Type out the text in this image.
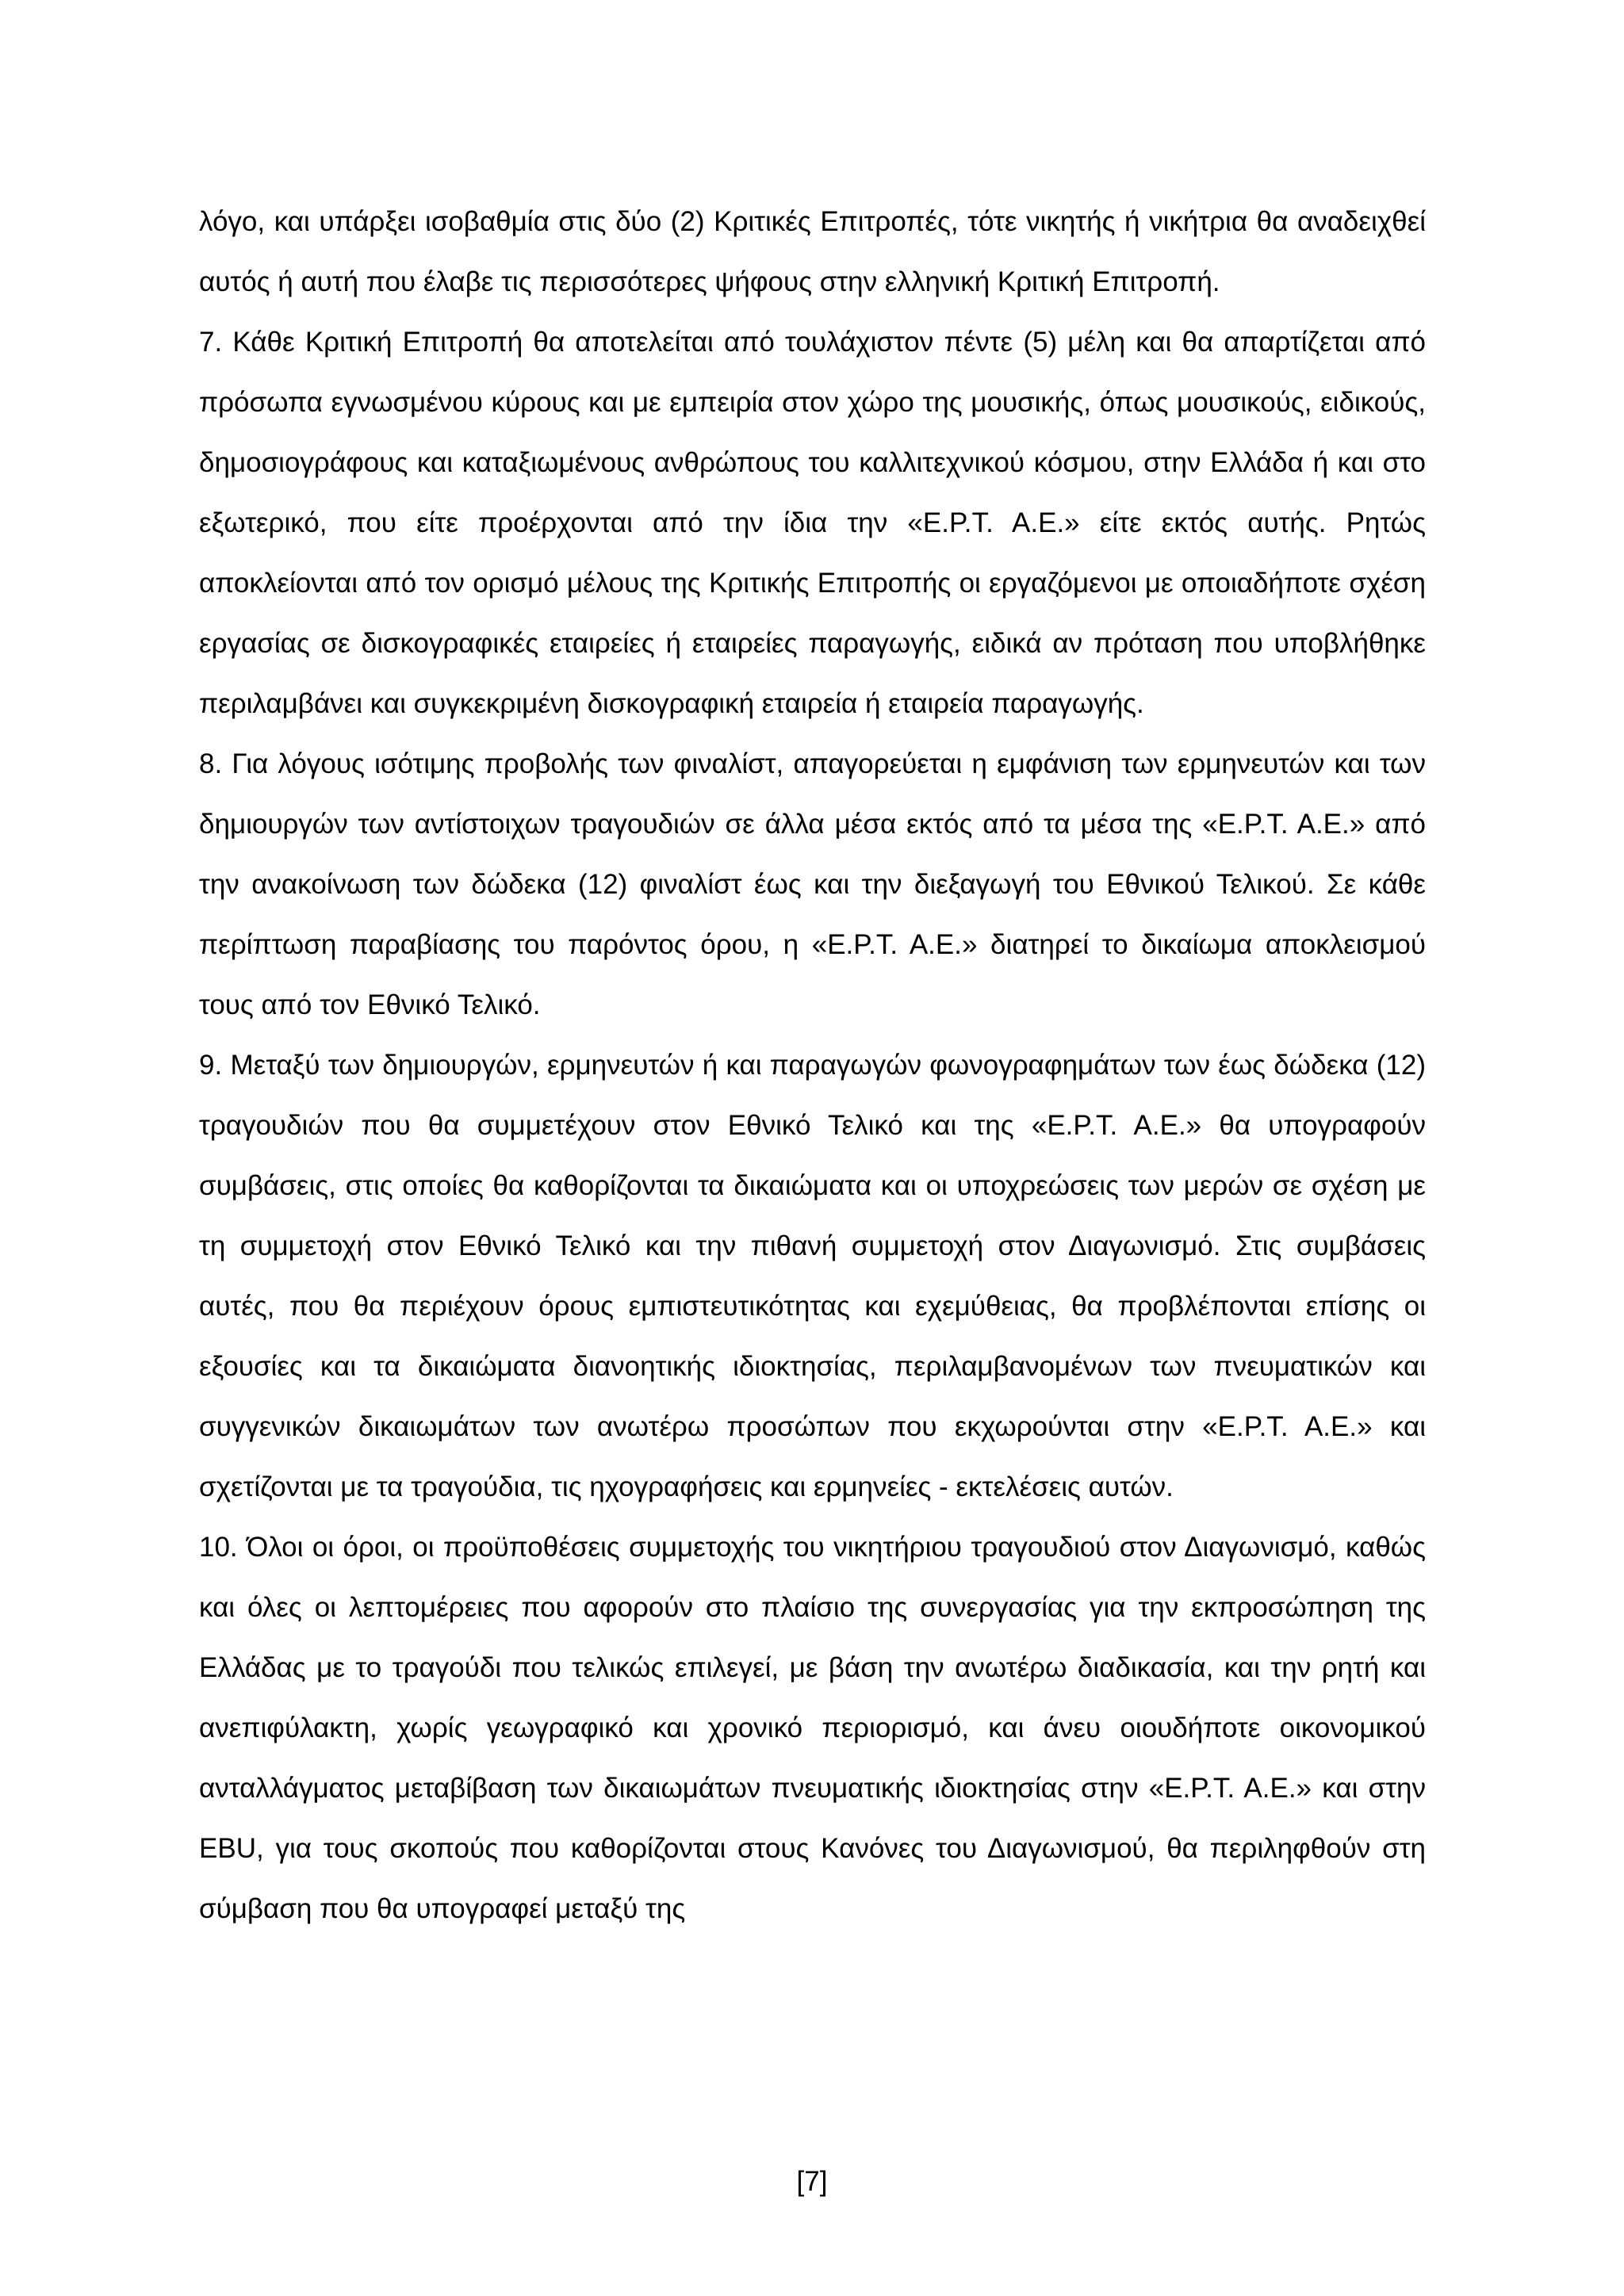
λόγο, και υπάρξει ισοβαθμία στις δύο (2) Κριτικές Επιτροπές, τότε νικητής ή νικήτρια θα αναδειχθεί αυτός ή αυτή που έλαβε τις περισσότερες ψήφους στην ελληνική Κριτική Επιτροπή.

7. Κάθε Κριτική Επιτροπή θα αποτελείται από τουλάχιστον πέντε (5) μέλη και θα απαρτίζεται από πρόσωπα εγνωσμένου κύρους και με εμπειρία στον χώρο της μουσικής, όπως μουσικούς, ειδικούς, δημοσιογράφους και καταξιωμένους ανθρώπους του καλλιτεχνικού κόσμου, στην Ελλάδα ή και στο εξωτερικό, που είτε προέρχονται από την ίδια την «Ε.Ρ.Τ. Α.Ε.» είτε εκτός αυτής. Ρητώς αποκλείονται από τον ορισμό μέλους της Κριτικής Επιτροπής οι εργαζόμενοι με οποιαδήποτε σχέση εργασίας σε δισκογραφικές εταιρείες ή εταιρείες παραγωγής, ειδικά αν πρόταση που υποβλήθηκε περιλαμβάνει και συγκεκριμένη δισκογραφική εταιρεία ή εταιρεία παραγωγής.

8. Για λόγους ισότιμης προβολής των φιναλίστ, απαγορεύεται η εμφάνιση των ερμηνευτών και των δημιουργών των αντίστοιχων τραγουδιών σε άλλα μέσα εκτός από τα μέσα της «Ε.Ρ.Τ. Α.Ε.» από την ανακοίνωση των δώδεκα (12) φιναλίστ έως και την διεξαγωγή του Εθνικού Τελικού. Σε κάθε περίπτωση παραβίασης του παρόντος όρου, η «Ε.Ρ.Τ. Α.Ε.» διατηρεί το δικαίωμα αποκλεισμού τους από τον Εθνικό Τελικό.

9. Μεταξύ των δημιουργών, ερμηνευτών ή και παραγωγών φωνογραφημάτων των έως δώδεκα (12) τραγουδιών που θα συμμετέχουν στον Εθνικό Τελικό και της «Ε.Ρ.Τ. Α.Ε.» θα υπογραφούν συμβάσεις, στις οποίες θα καθορίζονται τα δικαιώματα και οι υποχρεώσεις των μερών σε σχέση με τη συμμετοχή στον Εθνικό Τελικό και την πιθανή συμμετοχή στον Διαγωνισμό. Στις συμβάσεις αυτές, που θα περιέχουν όρους εμπιστευτικότητας και εχεμύθειας, θα προβλέπονται επίσης οι εξουσίες και τα δικαιώματα διανοητικής ιδιοκτησίας, περιλαμβανομένων των πνευματικών και συγγενικών δικαιωμάτων των ανωτέρω προσώπων που εκχωρούνται στην «Ε.Ρ.Τ. Α.Ε.» και σχετίζονται με τα τραγούδια, τις ηχογραφήσεις και ερμηνείες - εκτελέσεις αυτών.

10. Όλοι οι όροι, οι προϋποθέσεις συμμετοχής του νικητήριου τραγουδιού στον Διαγωνισμό, καθώς και όλες οι λεπτομέρειες που αφορούν στο πλαίσιο της συνεργασίας για την εκπροσώπηση της Ελλάδας με το τραγούδι που τελικώς επιλεγεί, με βάση την ανωτέρω διαδικασία, και την ρητή και ανεπιφύλακτη, χωρίς γεωγραφικό και χρονικό περιορισμό, και άνευ οιουδήποτε οικονομικού ανταλλάγματος μεταβίβαση των δικαιωμάτων πνευματικής ιδιοκτησίας στην «Ε.Ρ.Τ. Α.Ε.» και στην EBU, για τους σκοπούς που καθορίζονται στους Κανόνες του Διαγωνισμού, θα περιληφθούν στη σύμβαση που θα υπογραφεί μεταξύ της

[7]
